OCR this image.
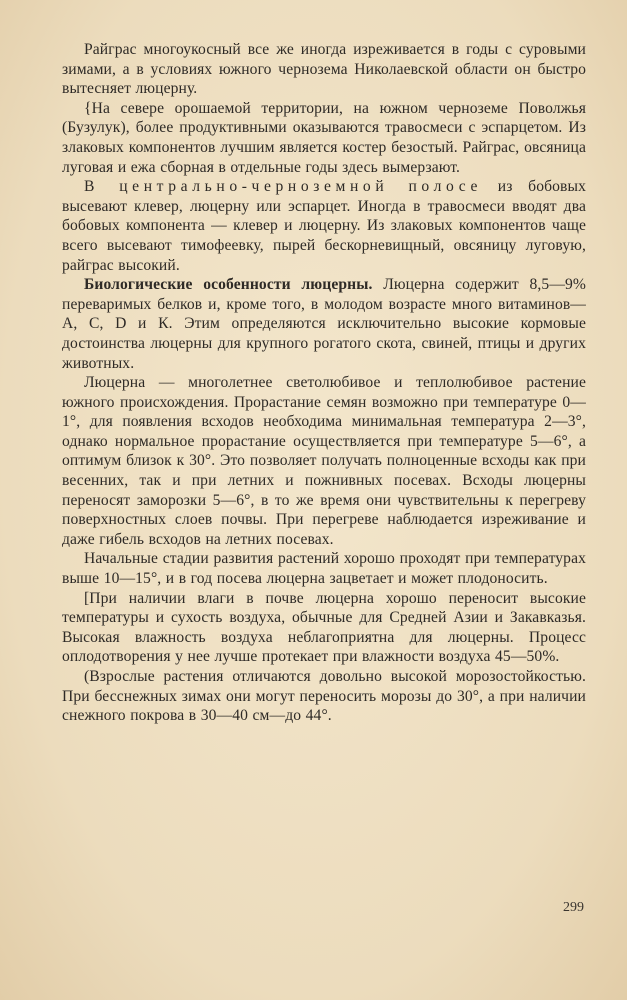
Райграс многоукосный все же иногда изреживается в годы с суровыми зимами, а в условиях южного чернозема Николаевской области он быстро вытесняет люцерну.

{На севере орошаемой территории, на южном черноземе Поволжья (Бузулук), более продуктивными оказываются травосмеси с эспарцетом. Из злаковых компонентов лучшим является костер безостый. Райграс, овсяница луговая и ежа сборная в отдельные годы здесь вымерзают.

В центрально-черноземной полосе из бобовых высевают клевер, люцерну или эспарцет. Иногда в травосмеси вводят два бобовых компонента — клевер и люцерну. Из злаковых компонентов чаще всего высевают тимофеевку, пырей бескорневищный, овсяницу луговую, райграс высокий.

Биологические особенности люцерны. Люцерна содержит 8,5—9% переваримых белков и, кроме того, в молодом возрасте много витаминов—А, С, D и К. Этим определяются исключительно высокие кормовые достоинства люцерны для крупного рогатого скота, свиней, птицы и других животных.

Люцерна — многолетнее светолюбивое и теплолюбивое растение южного происхождения. Прорастание семян возможно при температуре 0—1°, для появления всходов необходима минимальная температура 2—3°, однако нормальное прорастание осуществляется при температуре 5—6°, а оптимум близок к 30°. Это позволяет получать полноценные всходы как при весенних, так и при летних и пожнивных посевах. Всходы люцерны переносят заморозки 5—6°, в то же время они чувствительны к перегреву поверхностных слоев почвы. При перегреве наблюдается изреживание и даже гибель всходов на летних посевах.

Начальные стадии развития растений хорошо проходят при температурах выше 10—15°, и в год посева люцерна зацветает и может плодоносить.

[При наличии влаги в почве люцерна хорошо переносит высокие температуры и сухость воздуха, обычные для Средней Азии и Закавказья. Высокая влажность воздуха неблагоприятна для люцерны. Процесс оплодотворения у нее лучше протекает при влажности воздуха 45—50%.

(Взрослые растения отличаются довольно высокой морозостойкостью. При бесснежных зимах они могут переносить морозы до 30°, а при наличии снежного покрова в 30—40 см—до 44°.

299
